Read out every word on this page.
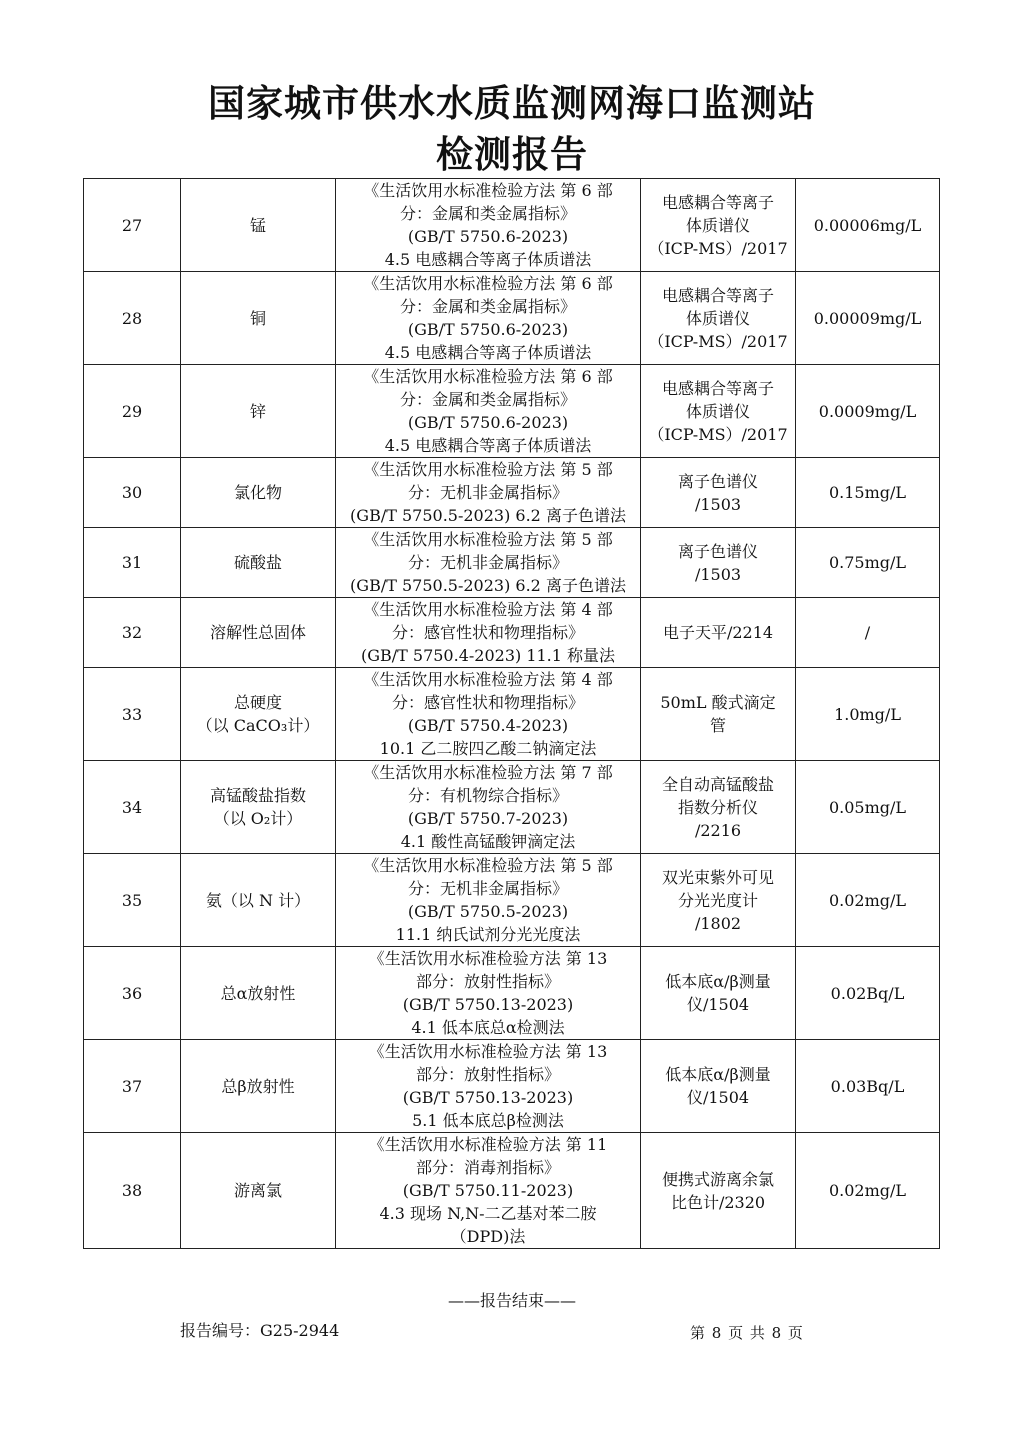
国家城市供水水质监测网海口监测站
检测报告
27	锰	《生活饮用水标准检验方法 第 6 部
分：金属和类金属指标》
(GB/T 5750.6-2023)
4.5 电感耦合等离子体质谱法	电感耦合等离子
体质谱仪
（ICP-MS）/2017	0.00006mg/L
28	铜	《生活饮用水标准检验方法 第 6 部
分：金属和类金属指标》
(GB/T 5750.6-2023)
4.5 电感耦合等离子体质谱法	电感耦合等离子
体质谱仪
（ICP-MS）/2017	0.00009mg/L
29	锌	《生活饮用水标准检验方法 第 6 部
分：金属和类金属指标》
(GB/T 5750.6-2023)
4.5 电感耦合等离子体质谱法	电感耦合等离子
体质谱仪
（ICP-MS）/2017	0.0009mg/L
30	氯化物	《生活饮用水标准检验方法 第 5 部
分：无机非金属指标》
(GB/T 5750.5-2023) 6.2 离子色谱法	离子色谱仪
/1503	0.15mg/L
31	硫酸盐	《生活饮用水标准检验方法 第 5 部
分：无机非金属指标》
(GB/T 5750.5-2023) 6.2 离子色谱法	离子色谱仪
/1503	0.75mg/L
32	溶解性总固体	《生活饮用水标准检验方法 第 4 部
分：感官性状和物理指标》
(GB/T 5750.4-2023) 11.1 称量法	电子天平/2214	/
33	总硬度
（以 CaCO₃计）	《生活饮用水标准检验方法 第 4 部
分：感官性状和物理指标》
(GB/T 5750.4-2023)
10.1 乙二胺四乙酸二钠滴定法	50mL 酸式滴定
管	1.0mg/L
34	高锰酸盐指数
（以 O₂计）	《生活饮用水标准检验方法 第 7 部
分：有机物综合指标》
(GB/T 5750.7-2023)
4.1 酸性高锰酸钾滴定法	全自动高锰酸盐
指数分析仪
/2216	0.05mg/L
35	氨（以 N 计）	《生活饮用水标准检验方法 第 5 部
分：无机非金属指标》
(GB/T 5750.5-2023)
11.1 纳氏试剂分光光度法	双光束紫外可见
分光光度计
/1802	0.02mg/L
36	总α放射性	《生活饮用水标准检验方法 第 13
部分：放射性指标》
(GB/T 5750.13-2023)
4.1 低本底总α检测法	低本底α/β测量
仪/1504	0.02Bq/L
37	总β放射性	《生活饮用水标准检验方法 第 13
部分：放射性指标》
(GB/T 5750.13-2023)
5.1 低本底总β检测法	低本底α/β测量
仪/1504	0.03Bq/L
38	游离氯	《生活饮用水标准检验方法 第 11
部分：消毒剂指标》
(GB/T 5750.11-2023)
4.3 现场 N,N-二乙基对苯二胺
（DPD)法	便携式游离余氯
比色计/2320	0.02mg/L
——报告结束——
报告编号：G25-2944	第 8 页 共 8 页
